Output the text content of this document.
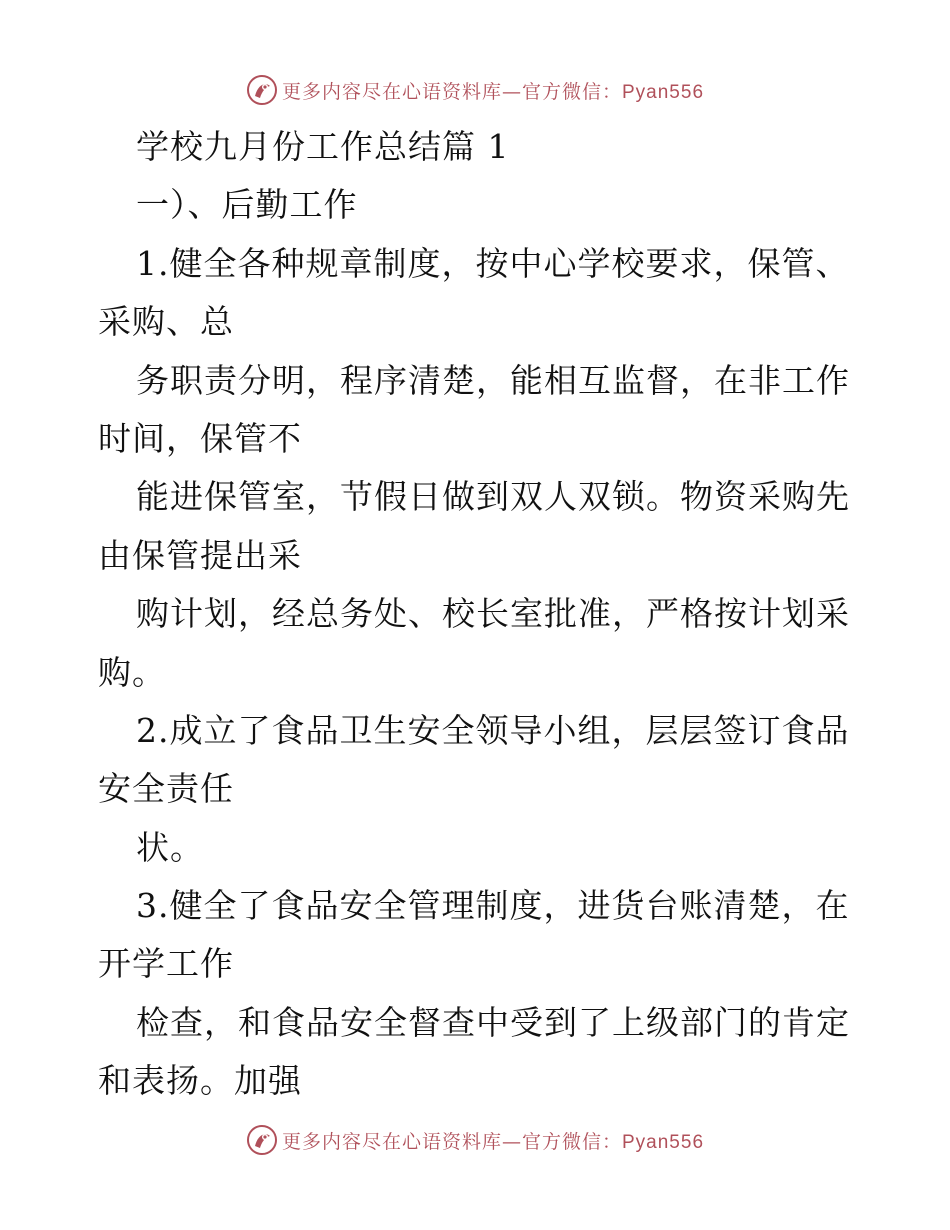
更多内容尽在心语资料库—官方微信：Pyan556
学校九月份工作总结篇 1
一）、后勤工作
1.健全各种规章制度，按中心学校要求，保管、
采购、总
务职责分明，程序清楚，能相互监督，在非工作
时间，保管不
能进保管室，节假日做到双人双锁。物资采购先
由保管提出采
购计划，经总务处、校长室批准，严格按计划采
购。
2.成立了食品卫生安全领导小组，层层签订食品
安全责任
状。
3.健全了食品安全管理制度，进货台账清楚，在
开学工作
检查，和食品安全督查中受到了上级部门的肯定
和表扬。加强
更多内容尽在心语资料库—官方微信：Pyan556
